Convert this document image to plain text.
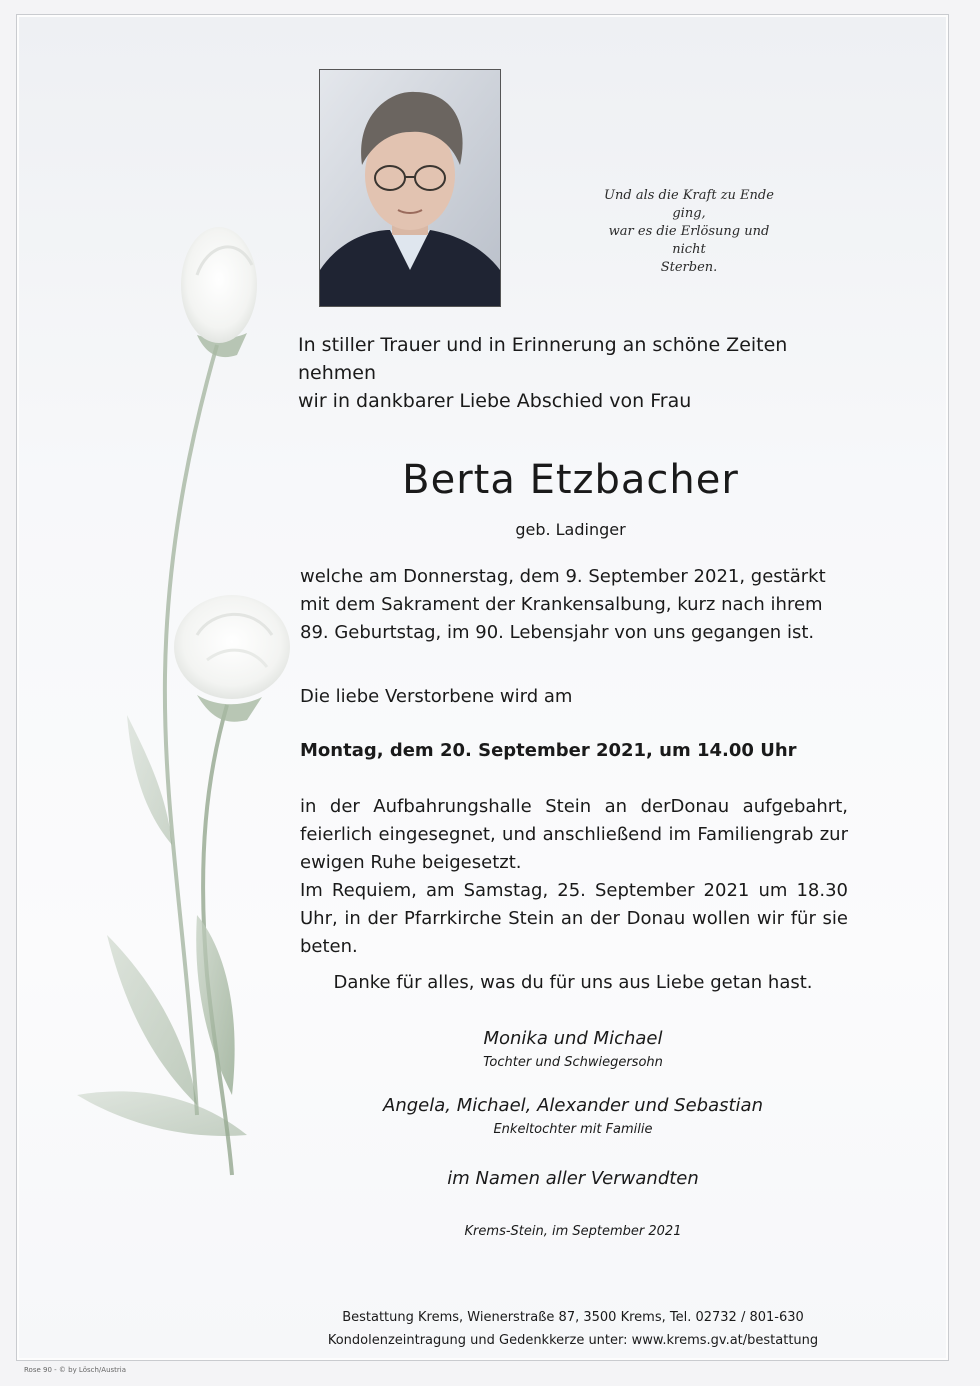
Und als die Kraft zu Ende ging,
war es die Erlösung und nicht
Sterben.
In stiller Trauer und in Erinnerung an schöne Zeiten nehmen
wir in dankbarer Liebe Abschied von Frau
Berta Etzbacher
geb. Ladinger
welche am Donnerstag, dem 9. September 2021, gestärkt mit dem Sakrament der Krankensalbung, kurz nach ihrem 89. Geburtstag, im 90. Lebensjahr von uns gegangen ist.
Die liebe Verstorbene wird am
Montag, dem 20. September 2021, um 14.00 Uhr
in der Aufbahrungshalle Stein an derDonau aufgebahrt, feierlich eingesegnet, und anschließend im Familiengrab zur ewigen Ruhe beigesetzt.
Im Requiem, am Samstag, 25. September 2021 um 18.30 Uhr, in der Pfarrkirche Stein an der Donau wollen wir für sie beten.
Danke für alles, was du für uns aus Liebe getan hast.
Monika und Michael
Tochter und Schwiegersohn
Angela, Michael, Alexander und Sebastian
Enkeltochter mit Familie
im Namen aller Verwandten
Krems-Stein, im September 2021
Bestattung Krems, Wienerstraße 87, 3500 Krems, Tel. 02732 / 801-630
Kondolenzeintragung und Gedenkkerze unter: www.krems.gv.at/bestattung
Rose 90 - © by Lösch/Austria
